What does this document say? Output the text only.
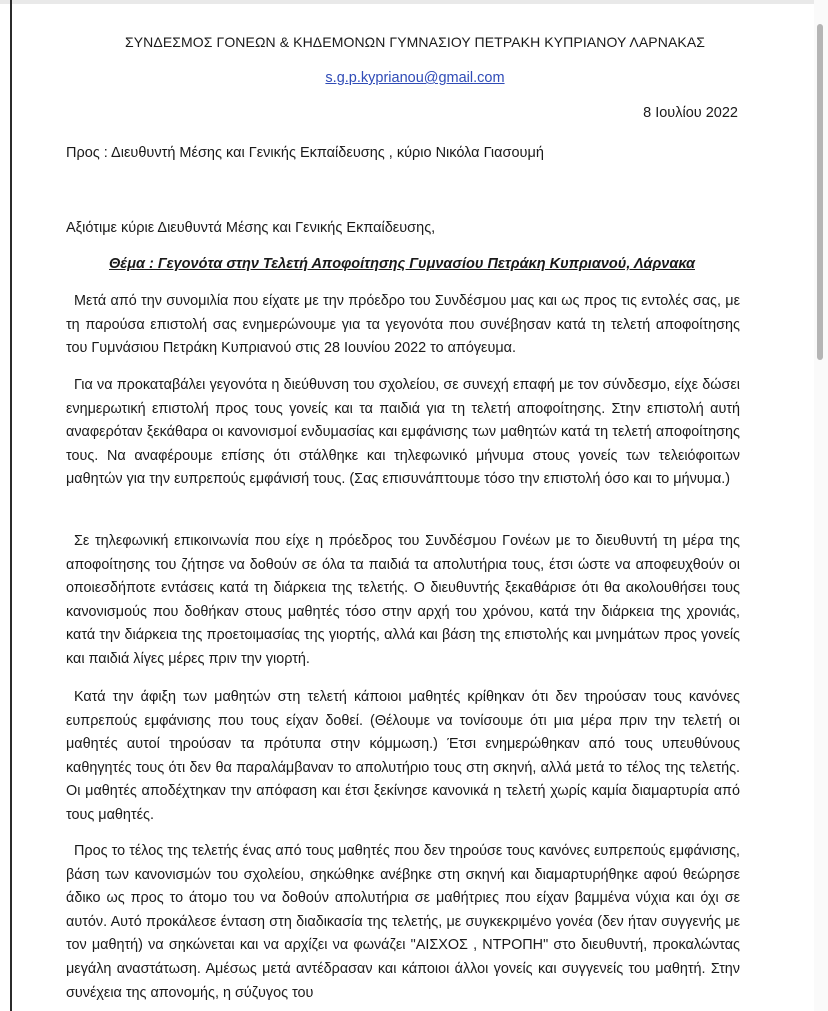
ΣΥΝΔΕΣΜΟΣ ΓΟΝΕΩΝ & ΚΗΔΕΜΟΝΩΝ ΓΥΜΝΑΣΙΟΥ ΠΕΤΡΑΚΗ ΚΥΠΡΙΑΝΟΥ ΛΑΡΝΑΚΑΣ
s.g.p.kyprianou@gmail.com
8 Ιουλίου 2022
Προς : Διευθυντή Μέσης και Γενικής Εκπαίδευσης , κύριο Νικόλα Γιασουμή
Αξιότιμε κύριε Διευθυντά Μέσης και Γενικής Εκπαίδευσης,
Θέμα : Γεγονότα στην Τελετή Αποφοίτησης Γυμνασίου Πετράκη Κυπριανού, Λάρνακα
Μετά από την συνομιλία που είχατε με την πρόεδρο του Συνδέσμου μας και ως προς τις εντολές σας, με τη παρούσα επιστολή σας ενημερώνουμε για τα γεγονότα που συνέβησαν κατά τη τελετή αποφοίτησης του Γυμνάσιου Πετράκη Κυπριανού στις 28 Ιουνίου 2022 το απόγευμα.
Για να προκαταβάλει γεγονότα η διεύθυνση του σχολείου, σε συνεχή επαφή με τον σύνδεσμο, είχε δώσει ενημερωτική επιστολή προς τους γονείς και τα παιδιά για τη τελετή αποφοίτησης. Στην επιστολή αυτή αναφερόταν ξεκάθαρα οι κανονισμοί ενδυμασίας και εμφάνισης των μαθητών κατά τη τελετή αποφοίτησης τους. Να αναφέρουμε επίσης ότι στάλθηκε και τηλεφωνικό μήνυμα στους γονείς των τελειόφοιτων μαθητών για την ευπρεπούς εμφάνισή τους. (Σας επισυνάπτουμε τόσο την επιστολή όσο και το μήνυμα.)
Σε τηλεφωνική επικοινωνία που είχε η πρόεδρος του Συνδέσμου Γονέων με το διευθυντή τη μέρα της αποφοίτησης του ζήτησε να δοθούν σε όλα τα παιδιά τα απολυτήρια τους, έτσι ώστε να αποφευχθούν οι οποιεσδήποτε εντάσεις κατά τη διάρκεια της τελετής. Ο διευθυντής ξεκαθάρισε ότι θα ακολουθήσει τους κανονισμούς που δοθήκαν στους μαθητές τόσο στην αρχή του χρόνου, κατά την διάρκεια της χρονιάς, κατά την διάρκεια της προετοιμασίας της γιορτής, αλλά και βάση της επιστολής και μνημάτων προς γονείς και παιδιά λίγες μέρες πριν την γιορτή.
Κατά την άφιξη των μαθητών στη τελετή κάποιοι μαθητές κρίθηκαν ότι δεν τηρούσαν τους κανόνες ευπρεπούς εμφάνισης που τους είχαν δοθεί. (Θέλουμε να τονίσουμε ότι μια μέρα πριν την τελετή οι μαθητές αυτοί τηρούσαν τα πρότυπα στην κόμμωση.) Έτσι ενημερώθηκαν από τους υπευθύνους καθηγητές τους ότι δεν θα παραλάμβαναν το απολυτήριο τους στη σκηνή, αλλά μετά το τέλος της τελετής. Οι μαθητές αποδέχτηκαν την απόφαση και έτσι ξεκίνησε κανονικά η τελετή χωρίς καμία διαμαρτυρία από τους μαθητές.
Προς το τέλος της τελετής ένας από τους μαθητές που δεν τηρούσε τους κανόνες ευπρεπούς εμφάνισης, βάση των κανονισμών του σχολείου, σηκώθηκε ανέβηκε στη σκηνή και διαμαρτυρήθηκε αφού θεώρησε άδικο ως προς το άτομο του να δοθούν απολυτήρια σε μαθήτριες που είχαν βαμμένα νύχια και όχι σε αυτόν. Αυτό προκάλεσε ένταση στη διαδικασία της τελετής, με συγκεκριμένο γονέα (δεν ήταν συγγενής με τον μαθητή) να σηκώνεται και να αρχίζει να φωνάζει "ΑΙΣΧΟΣ , ΝΤΡΟΠΗ" στο διευθυντή, προκαλώντας μεγάλη αναστάτωση. Αμέσως μετά αντέδρασαν και κάποιοι άλλοι γονείς και συγγενείς του μαθητή. Στην συνέχεια της απονομής, η σύζυγος του
